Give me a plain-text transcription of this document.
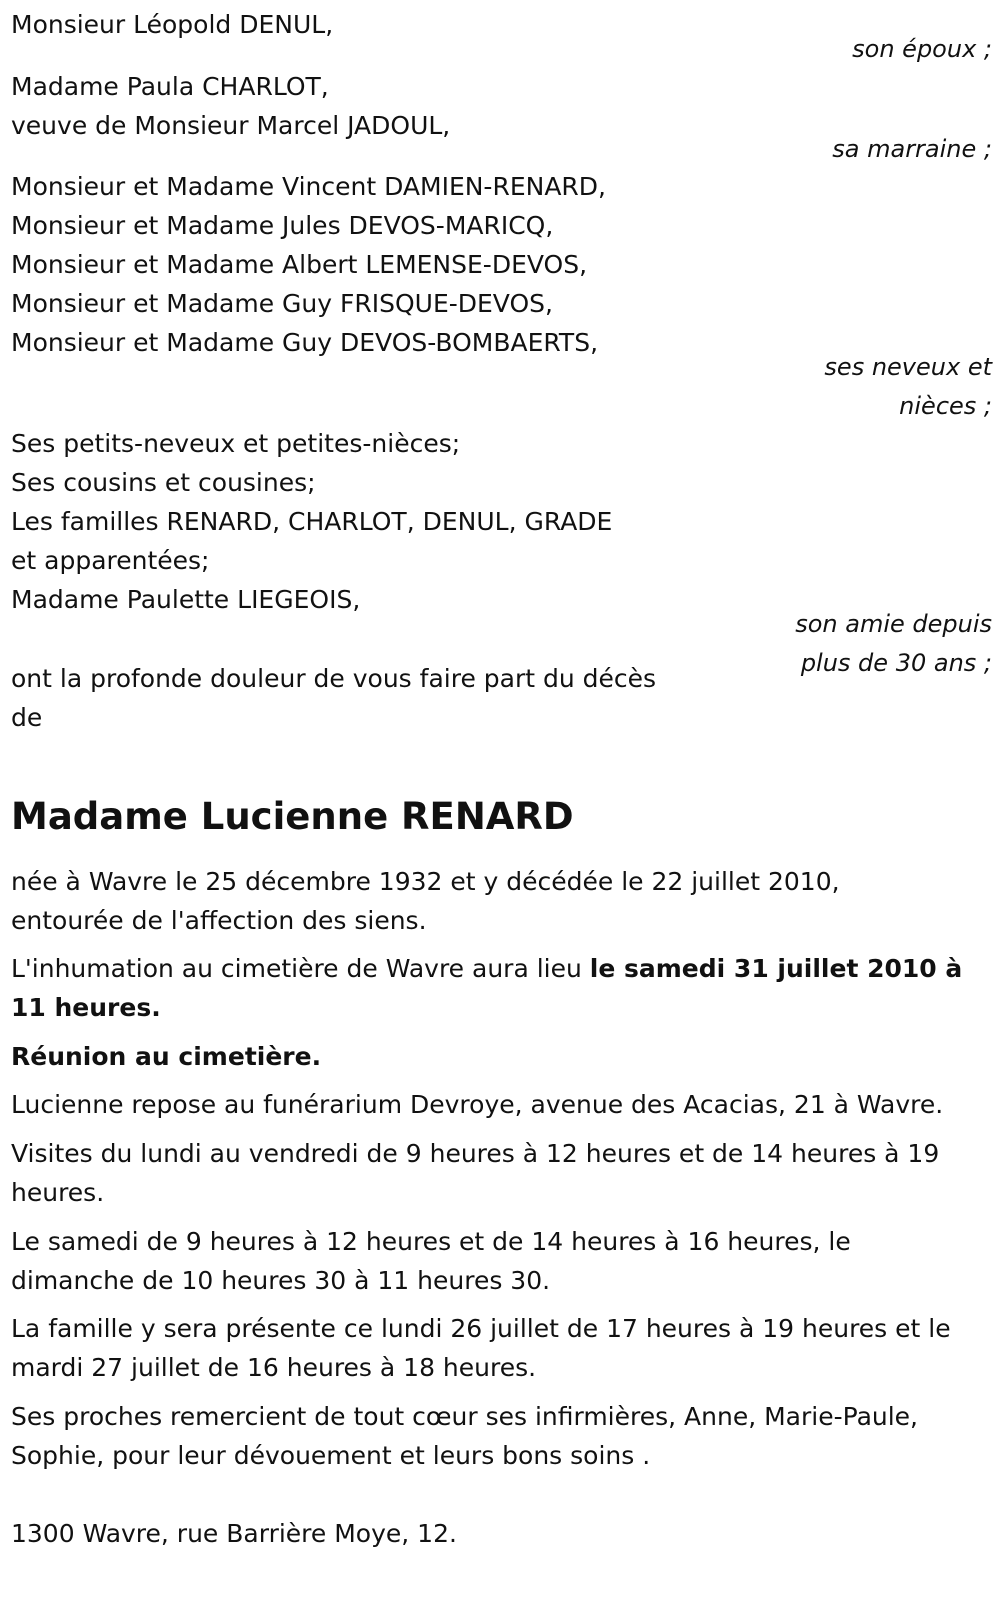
Monsieur Léopold DENUL,
son époux ;
Madame Paula CHARLOT,
veuve de Monsieur Marcel JADOUL,
sa marraine ;
Monsieur et Madame Vincent DAMIEN-RENARD,
Monsieur et Madame Jules DEVOS-MARICQ,
Monsieur et Madame Albert LEMENSE-DEVOS,
Monsieur et Madame Guy FRISQUE-DEVOS,
Monsieur et Madame Guy DEVOS-BOMBAERTS,
ses neveux et
nièces ;
Ses petits-neveux et petites-nièces;
Ses cousins et cousines;
Les familles RENARD, CHARLOT, DENUL, GRADE
et apparentées;
Madame Paulette LIEGEOIS,
son amie depuis
plus de 30 ans ;
ont la profonde douleur de vous faire part du décès
de
Madame Lucienne RENARD
née à Wavre le 25 décembre 1932 et y décédée le 22 juillet 2010,
entourée de l'affection des siens.
L'inhumation au cimetière de Wavre aura lieu le samedi 31 juillet 2010 à
11 heures.
Réunion au cimetière.
Lucienne repose au funérarium Devroye, avenue des Acacias, 21 à Wavre.
Visites du lundi au vendredi de 9 heures à 12 heures et de 14 heures à 19
heures.
Le samedi de 9 heures à 12 heures et de 14 heures à 16 heures, le
dimanche de 10 heures 30 à 11 heures 30.
La famille y sera présente ce lundi 26 juillet de 17 heures à 19 heures et le
mardi 27 juillet de 16 heures à 18 heures.
Ses proches remercient de tout cœur ses infirmières, Anne, Marie-Paule,
Sophie, pour leur dévouement et leurs bons soins .
1300 Wavre, rue Barrière Moye, 12.
